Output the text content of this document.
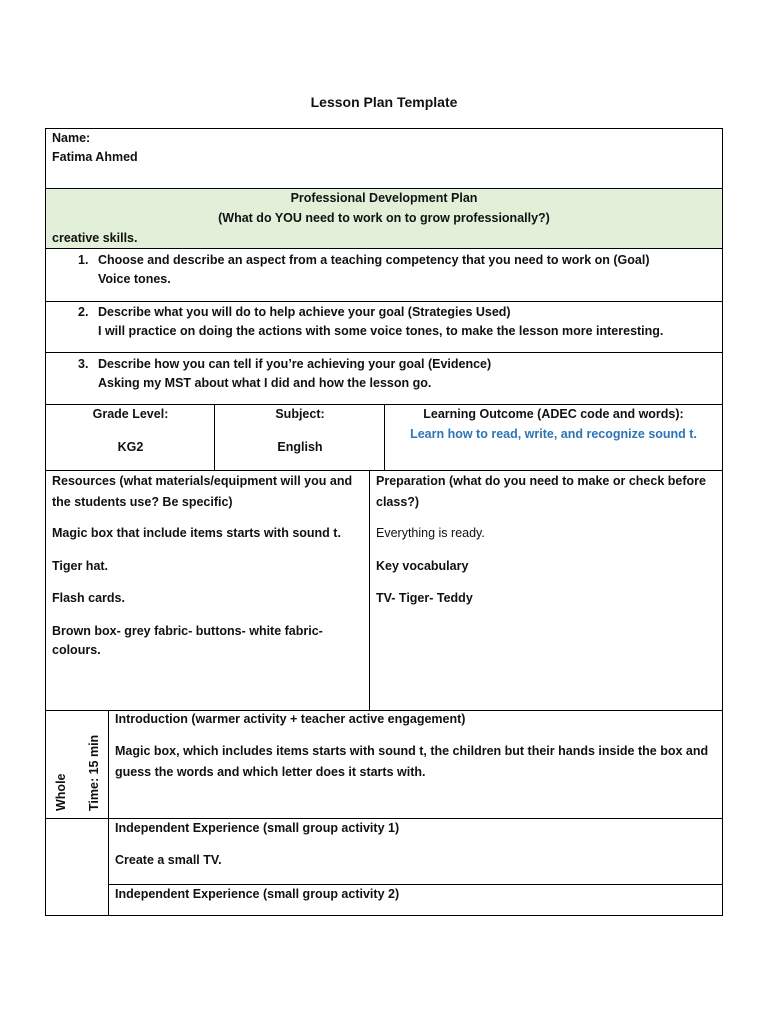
Lesson Plan Template
Name:
Fatima Ahmed
Professional Development Plan
(What do YOU need to work on to grow professionally?)
creative skills.
1. Choose and describe an aspect from a teaching competency that you need to work on (Goal)
Voice tones.
2. Describe what you will do to help achieve your goal (Strategies Used)
I will practice on doing the actions with some voice tones, to make the lesson more interesting.
3. Describe how you can tell if you’re achieving your goal (Evidence)
Asking my MST about what I did and how the lesson go.
Grade Level:
KG2
Subject:
English
Learning Outcome (ADEC code and words):
Learn how to read, write, and recognize sound t.
Resources (what materials/equipment will you and the students use? Be specific)
Magic box that include items starts with sound t.
Tiger hat.
Flash cards.
Brown box- grey fabric- buttons- white fabric- colours.
Preparation (what do you need to make or check before class?)
Everything is ready.
Key vocabulary
TV- Tiger- Teddy
Whole Time: 15 min
Introduction (warmer activity + teacher active engagement)
Magic box, which includes items starts with sound t, the children but their hands inside the box and guess the words and which letter does it starts with.
Independent Experience (small group activity 1)
Create a small TV.
Independent Experience (small group activity 2)
